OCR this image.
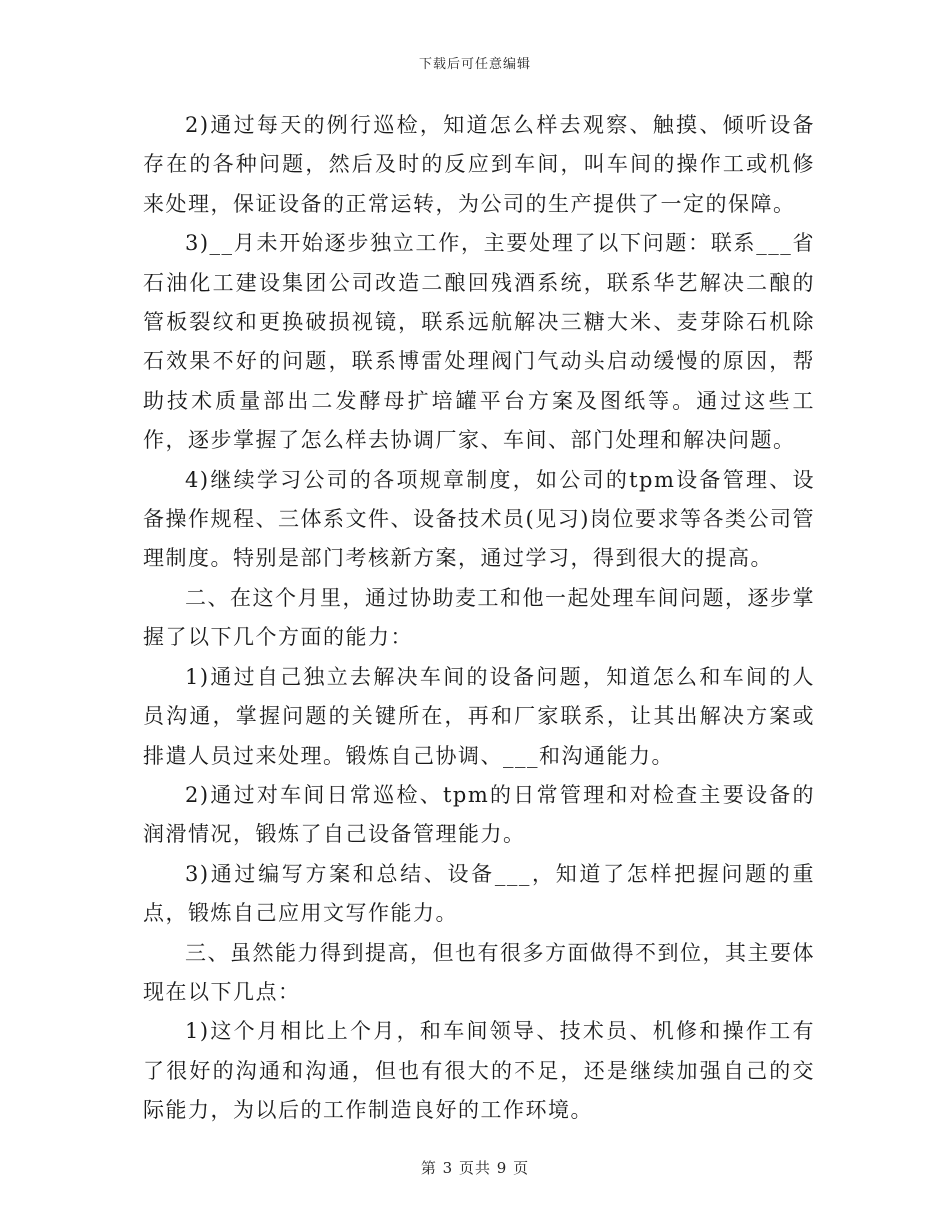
下载后可任意编辑

2)通过每天的例行巡检，知道怎么样去观察、触摸、倾听设备存在的各种问题，然后及时的反应到车间，叫车间的操作工或机修来处理，保证设备的正常运转，为公司的生产提供了一定的保障。

3)__月未开始逐步独立工作，主要处理了以下问题：联系___省石油化工建设集团公司改造二酿回残酒系统，联系华艺解决二酿的管板裂纹和更换破损视镜，联系远航解决三糖大米、麦芽除石机除石效果不好的问题，联系博雷处理阀门气动头启动缓慢的原因，帮助技术质量部出二发酵母扩培罐平台方案及图纸等。通过这些工作，逐步掌握了怎么样去协调厂家、车间、部门处理和解决问题。

4)继续学习公司的各项规章制度，如公司的tpm设备管理、设备操作规程、三体系文件、设备技术员(见习)岗位要求等各类公司管理制度。特别是部门考核新方案，通过学习，得到很大的提高。

二、在这个月里，通过协助麦工和他一起处理车间问题，逐步掌握了以下几个方面的能力：

1)通过自己独立去解决车间的设备问题，知道怎么和车间的人员沟通，掌握问题的关键所在，再和厂家联系，让其出解决方案或排遣人员过来处理。锻炼自己协调、___和沟通能力。

2)通过对车间日常巡检、tpm的日常管理和对检查主要设备的润滑情况，锻炼了自己设备管理能力。

3)通过编写方案和总结、设备___，知道了怎样把握问题的重点，锻炼自己应用文写作能力。

三、虽然能力得到提高，但也有很多方面做得不到位，其主要体现在以下几点：

1)这个月相比上个月，和车间领导、技术员、机修和操作工有了很好的沟通和沟通，但也有很大的不足，还是继续加强自己的交际能力，为以后的工作制造良好的工作环境。

第 3 页共 9 页
